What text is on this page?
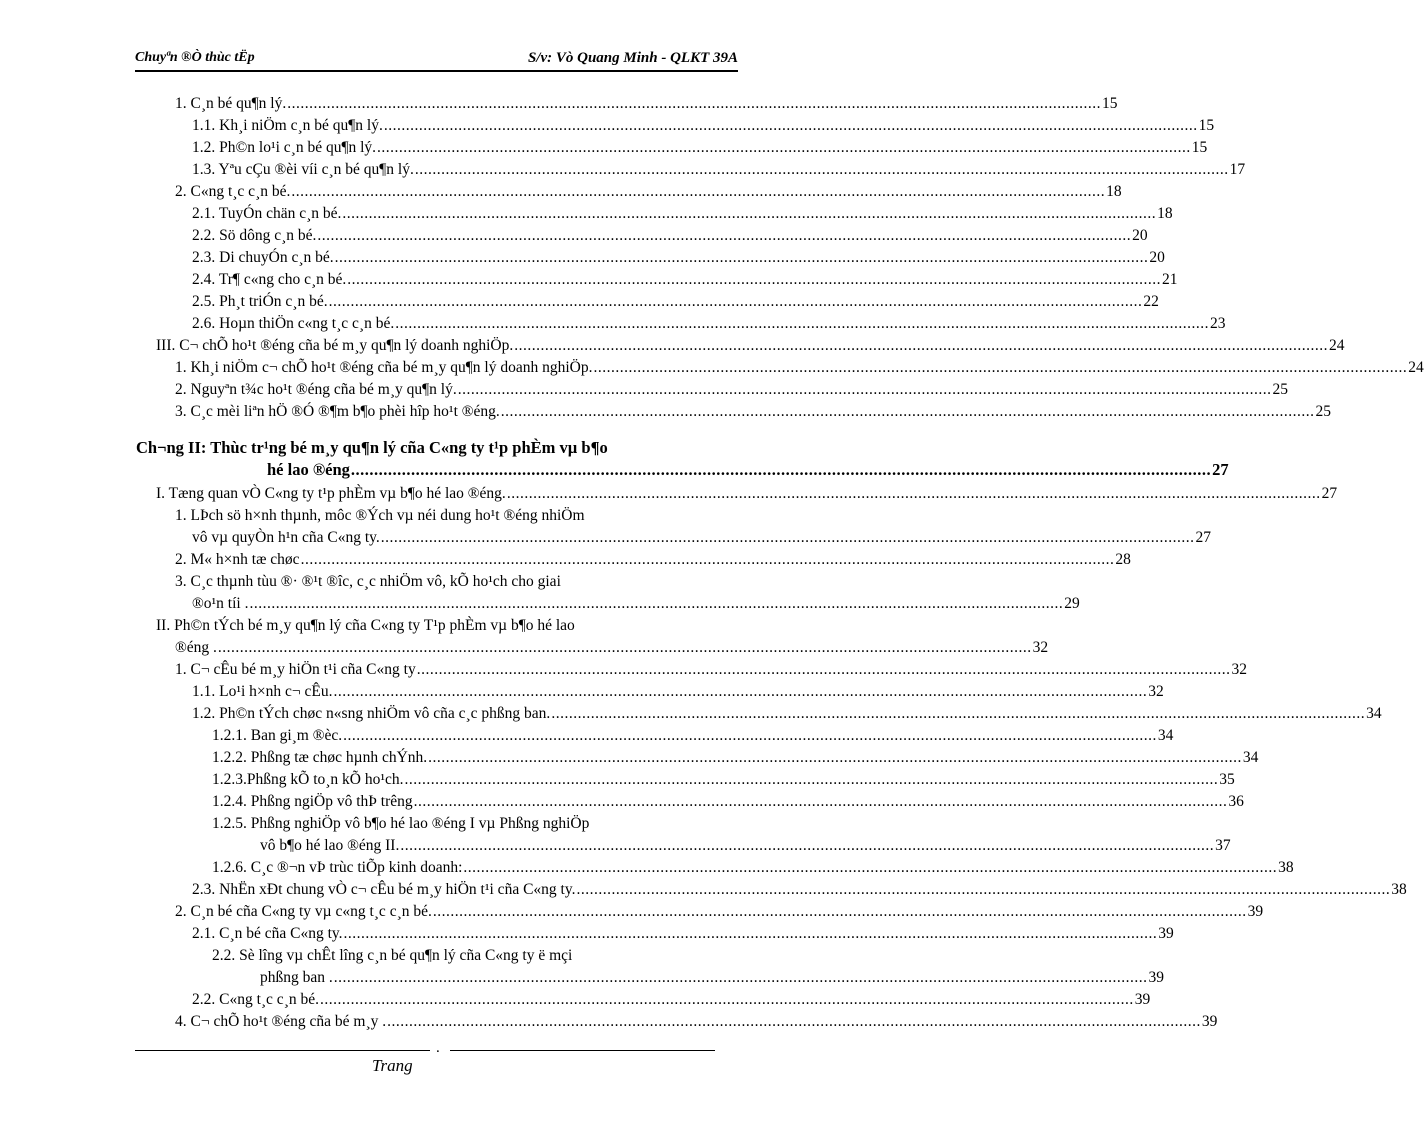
Chuyªn ®Ò thùc tËp	S/v: Vò Quang Minh - QLKT 39A
1. C¸n bé qu¶n lý. .......................................................................................................................................................................................... 15
1.1. Kh¸i niÖm c¸n bé qu¶n lý. .......................................................................................................................................................................................... 15
1.2. Ph©n lo¹i c¸n bé qu¶n lý. .......................................................................................................................................................................................... 15
1.3. Yªu cÇu ®èi víi c¸n bé qu¶n lý. .......................................................................................................................................................................................... 17
2. C«ng t¸c c¸n bé. .......................................................................................................................................................................................... 18
2.1. TuyÓn chän c¸n bé. .......................................................................................................................................................................................... 18
2.2. Sö dông c¸n bé. .......................................................................................................................................................................................... 20
2.3. Di chuyÓn c¸n bé. .......................................................................................................................................................................................... 20
2.4. Tr¶ c«ng cho c¸n bé. .......................................................................................................................................................................................... 21
2.5. Ph¸t triÓn c¸n bé. .......................................................................................................................................................................................... 22
2.6. Hoµn thiÖn c«ng t¸c c¸n bé. .......................................................................................................................................................................................... 23
III. C¬ chÕ ho¹t ®éng cña bé m¸y qu¶n lý doanh nghiÖp. .......................................................................................................................................................................................... 24
1. Kh¸i niÖm c¬ chÕ ho¹t ®éng cña bé m¸y qu¶n lý doanh nghiÖp. .......................................................................................................................................................................................... 24
2. Nguyªn t¾c ho¹t ®éng cña bé m¸y qu¶n lý. .......................................................................................................................................................................................... 25
3. C¸c mèi liªn hÖ ®Ó ®¶m b¶o phèi hîp ho¹t ®éng. .......................................................................................................................................................................................... 25
Ch¬ng II: Thùc tr¹ng bé m¸y qu¶n lý cña C«ng ty t¹p phÈm vµ b¶o
hé lao ®éng .......................................................................................................................................................................................... 27
I. Tæng quan vÒ C«ng ty t¹p phÈm vµ b¶o hé lao ®éng. .......................................................................................................................................................................................... 27
1. LÞch sö h×nh thµnh, môc ®Ých vµ néi dung ho¹t ®éng nhiÖm
vô vµ quyÒn h¹n cña C«ng ty. .......................................................................................................................................................................................... 27
2. M« h×nh tæ chøc .......................................................................................................................................................................................... 28
3. C¸c thµnh tùu ®· ®¹t ®îc, c¸c nhiÖm vô, kÕ ho¹ch cho giai
®o¹n tíi . .......................................................................................................................................................................................... 29
II. Ph©n tÝch bé m¸y qu¶n lý cña C«ng ty T¹p phÈm vµ b¶o hé lao
®éng . .......................................................................................................................................................................................... 32
1. C¬ cÊu bé m¸y hiÖn t¹i cña C«ng ty .......................................................................................................................................................................................... 32
1.1. Lo¹i h×nh c¬ cÊu. .......................................................................................................................................................................................... 32
1.2. Ph©n tÝch chøc n«sng nhiÖm vô cña c¸c phßng ban. .......................................................................................................................................................................................... 34
1.2.1. Ban gi¸m ®èc. .......................................................................................................................................................................................... 34
1.2.2. Phßng tæ chøc hµnh chÝnh. .......................................................................................................................................................................................... 34
1.2.3.Phßng kÕ to¸n kÕ ho¹ch. .......................................................................................................................................................................................... 35
1.2.4. Phßng ngiÖp vô thÞ trêng .......................................................................................................................................................................................... 36
1.2.5. Phßng nghiÖp vô b¶o hé lao ®éng I vµ Phßng nghiÖp
vô b¶o hé lao ®éng II. .......................................................................................................................................................................................... 37
1.2.6. C¸c ®¬n vÞ trùc tiÕp kinh doanh: .......................................................................................................................................................................................... 38
2.3. NhËn xÐt chung vÒ c¬ cÊu bé m¸y hiÖn t¹i cña C«ng ty. .......................................................................................................................................................................................... 38
2. C¸n bé cña C«ng ty vµ c«ng t¸c c¸n bé. .......................................................................................................................................................................................... 39
2.1. C¸n bé cña C«ng ty. .......................................................................................................................................................................................... 39
2.2. Sè lîng vµ chÊt lîng c¸n bé qu¶n lý cña C«ng ty ë mçi
phßng ban . .......................................................................................................................................................................................... 39
2.2. C«ng t¸c c¸n bé. .......................................................................................................................................................................................... 39
4. C¬ chÕ ho¹t ®éng cña bé m¸y . .......................................................................................................................................................................................... 39
.
Trang
